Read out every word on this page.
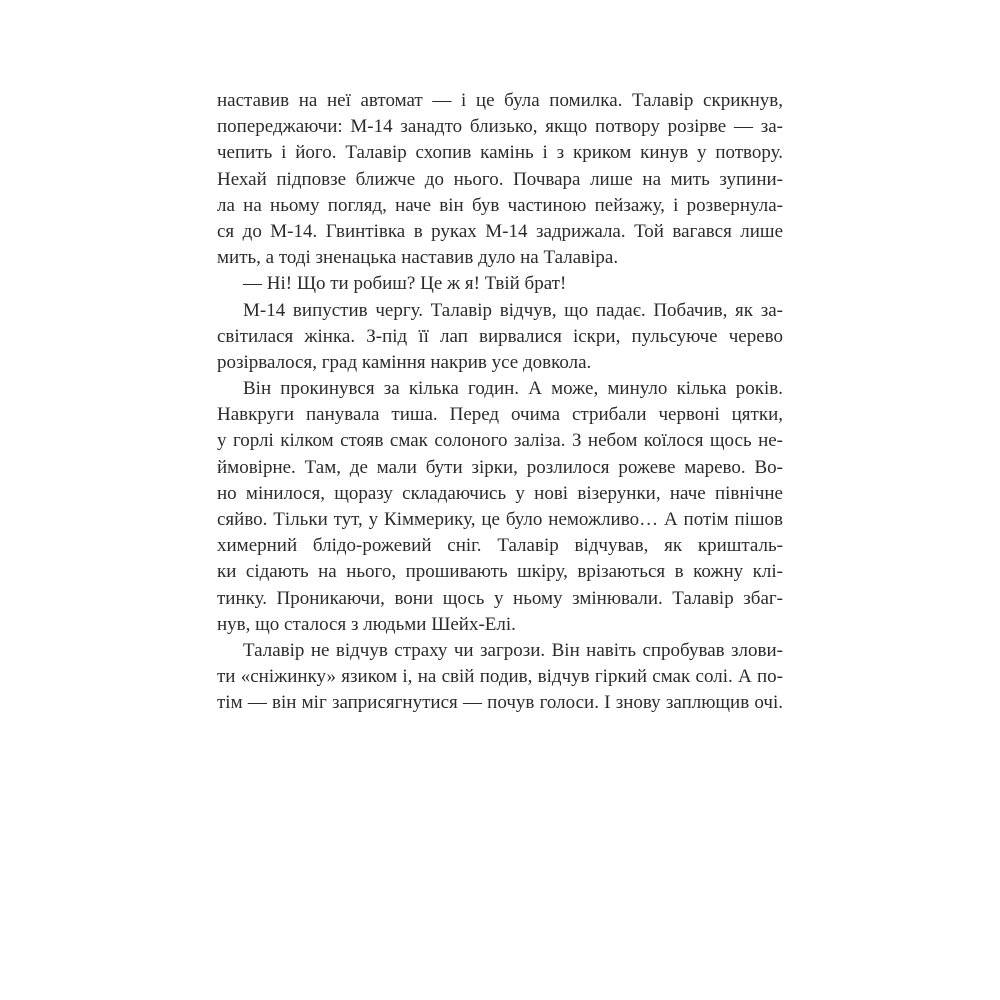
наставив на неї автомат — і це була помилка. Талавір скрикнув,
попереджаючи: М-14 занадто близько, якщо потвору розірве — за-
чепить і його. Талавір схопив камінь і з криком кинув у потвору.
Нехай підповзе ближче до нього. Почвара лише на мить зупини-
ла на ньому погляд, наче він був частиною пейзажу, і розвернула-
ся до М-14. Гвинтівка в руках М-14 задрижала. Той вагався лише
мить, а тоді зненацька наставив дуло на Талавіра.
— Ні! Що ти робиш? Це ж я! Твій брат!
М-14 випустив чергу. Талавір відчув, що падає. Побачив, як за-
світилася жінка. З-під її лап вирвалися іскри, пульсуюче черево
розірвалося, град каміння накрив усе довкола.
Він прокинувся за кілька годин. А може, минуло кілька років.
Навкруги панувала тиша. Перед очима стрибали червоні цятки,
у горлі кілком стояв смак солоного заліза. З небом коїлося щось не-
ймовірне. Там, де мали бути зірки, розлилося рожеве марево. Во-
но мінилося, щоразу складаючись у нові візерунки, наче північне
сяйво. Тільки тут, у Кіммерику, це було неможливо… А потім пішов
химерний блідо-рожевий сніг. Талавір відчував, як кришталь-
ки сідають на нього, прошивають шкіру, врізаються в кожну клі-
тинку. Проникаючи, вони щось у ньому змінювали. Талавір збаг-
нув, що сталося з людьми Шейх-Елі.
Талавір не відчув страху чи загрози. Він навіть спробував злови-
ти «сніжинку» язиком і, на свій подив, відчув гіркий смак солі. А по-
тім — він міг заприсягнутися — почув голоси. І знову заплющив очі.
